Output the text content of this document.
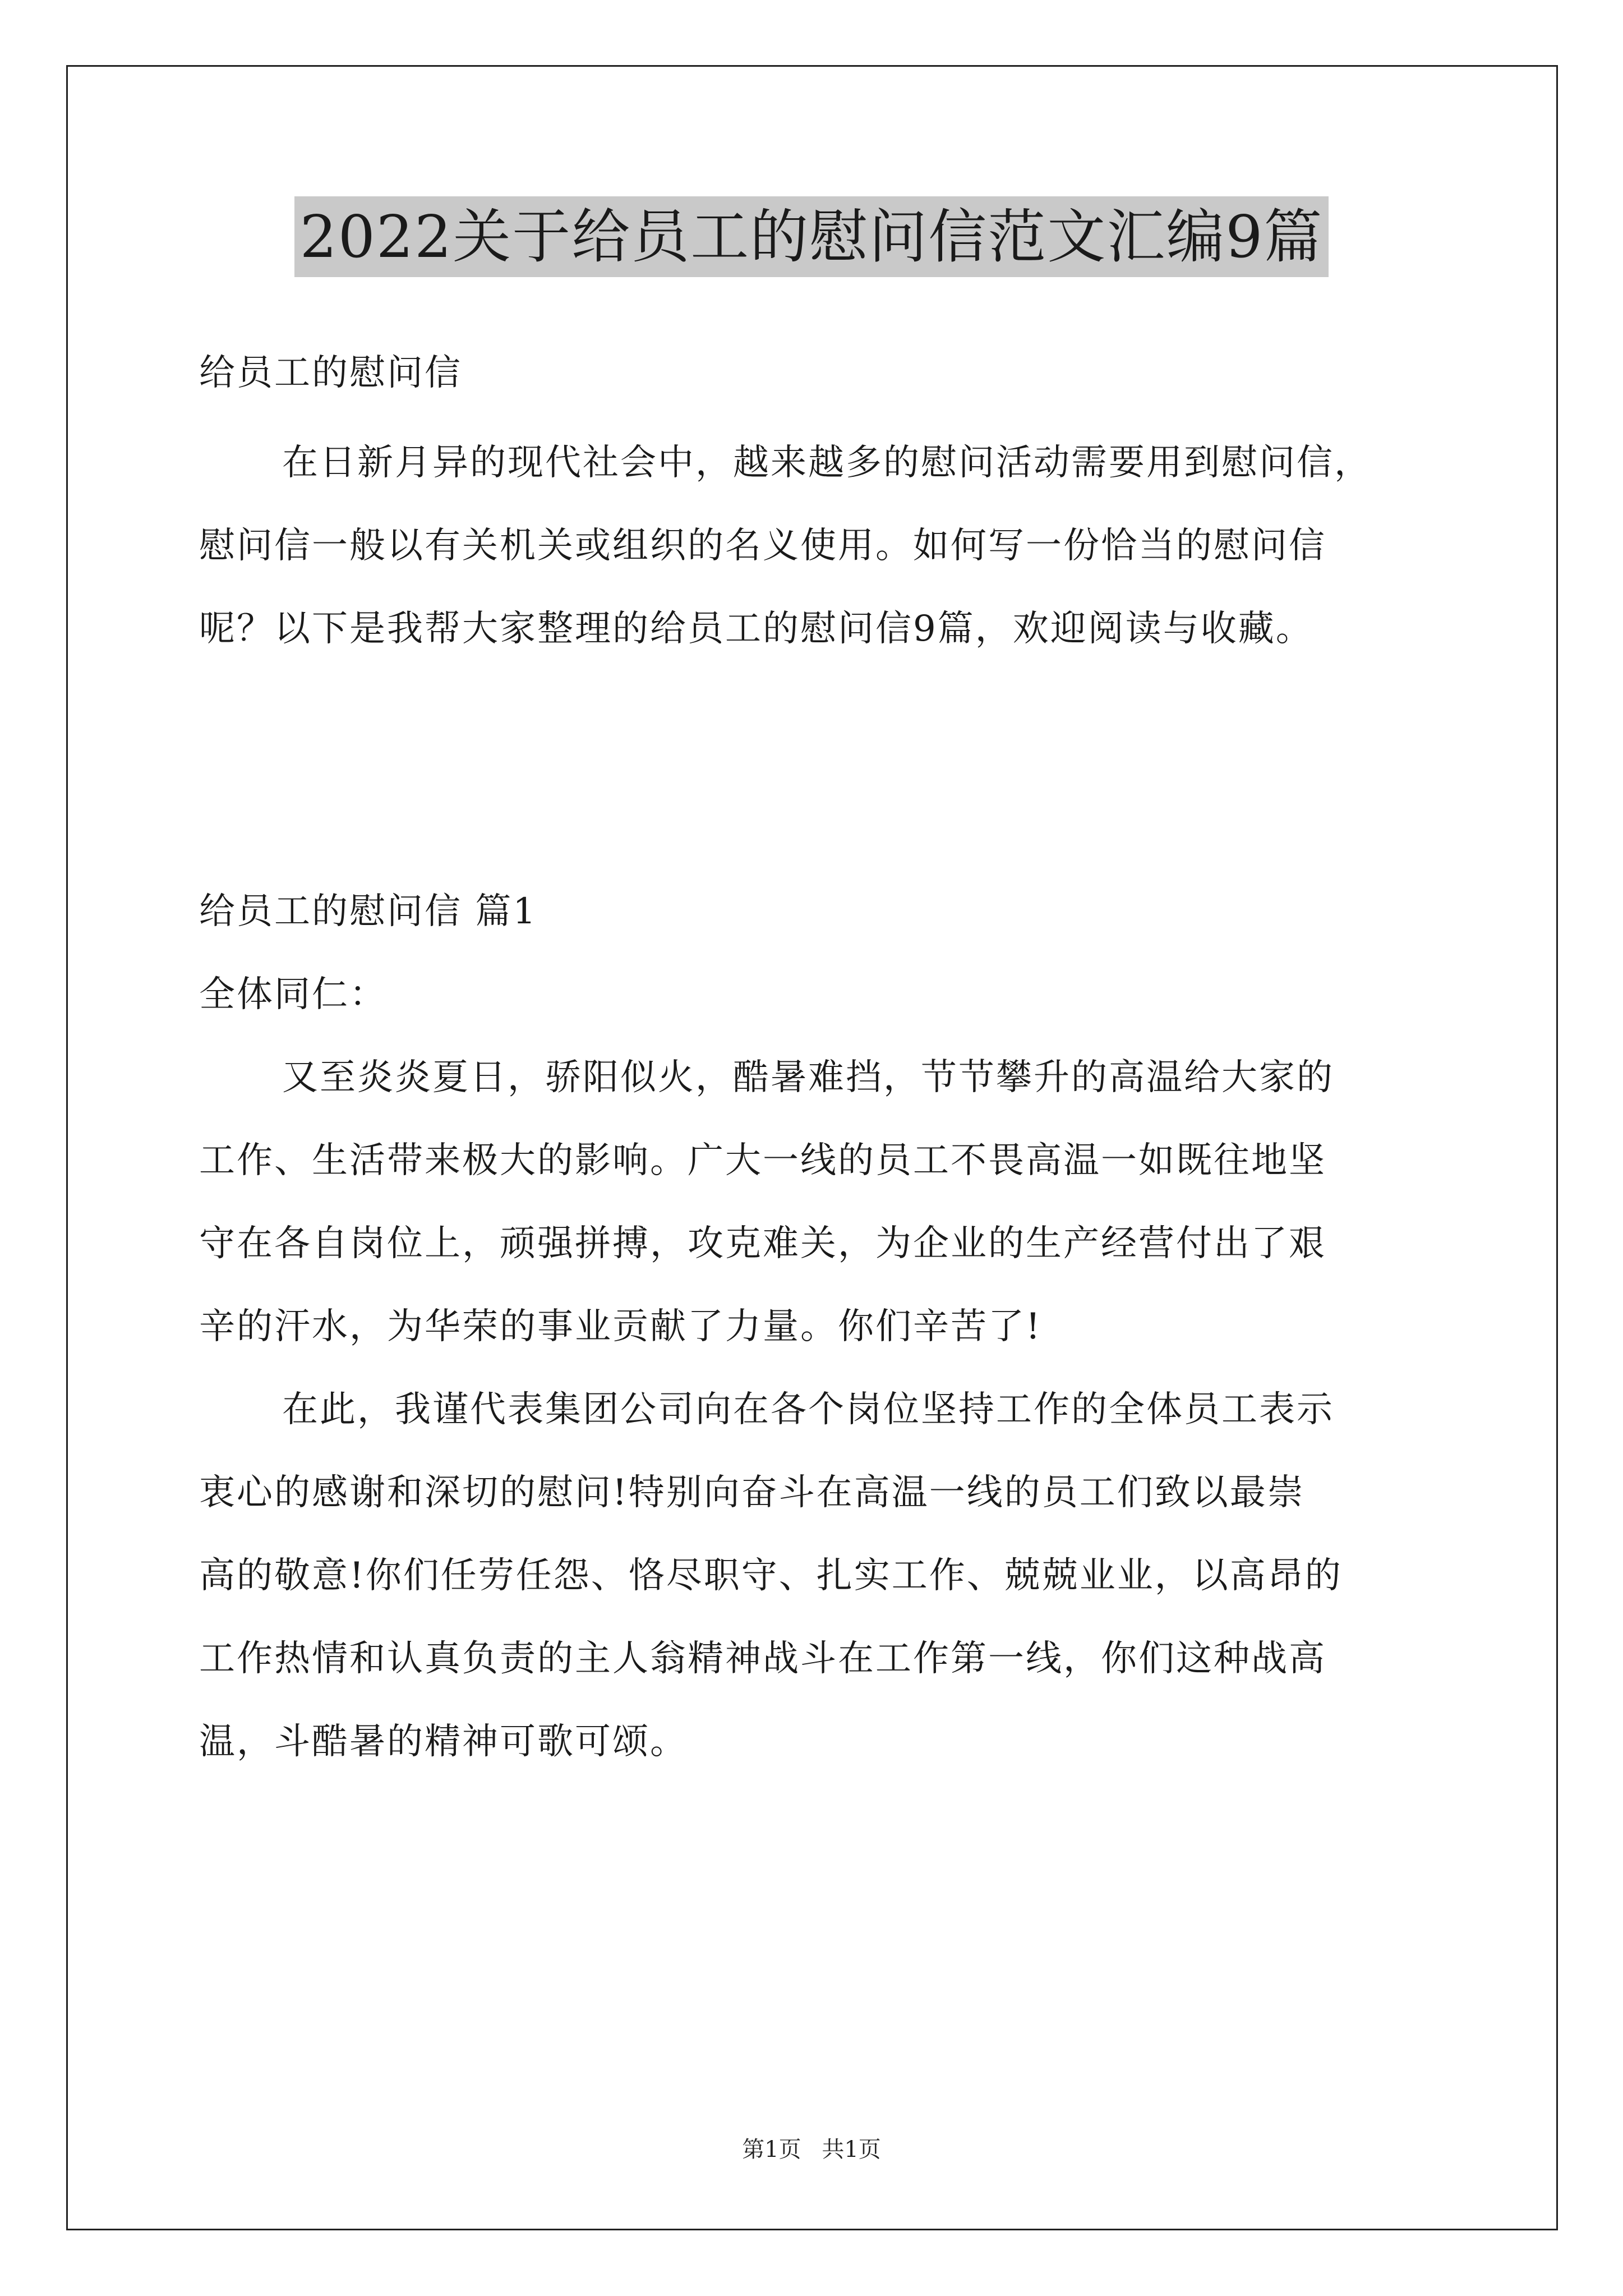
2022关于给员工的慰问信范文汇编9篇
给员工的慰问信
在日新月异的现代社会中，越来越多的慰问活动需要用到慰问信，
慰问信一般以有关机关或组织的名义使用。如何写一份恰当的慰问信
呢？以下是我帮大家整理的给员工的慰问信9篇，欢迎阅读与收藏。
给员工的慰问信 篇1
全体同仁：
又至炎炎夏日，骄阳似火，酷暑难挡，节节攀升的高温给大家的
工作、生活带来极大的影响。广大一线的员工不畏高温一如既往地坚
守在各自岗位上，顽强拼搏，攻克难关，为企业的生产经营付出了艰
辛的汗水，为华荣的事业贡献了力量。你们辛苦了!
在此，我谨代表集团公司向在各个岗位坚持工作的全体员工表示
衷心的感谢和深切的慰问!特别向奋斗在高温一线的员工们致以最崇
高的敬意!你们任劳任怨、恪尽职守、扎实工作、兢兢业业，以高昂的
工作热情和认真负责的主人翁精神战斗在工作第一线，你们这种战高
温，斗酷暑的精神可歌可颂。
第1页 共1页
